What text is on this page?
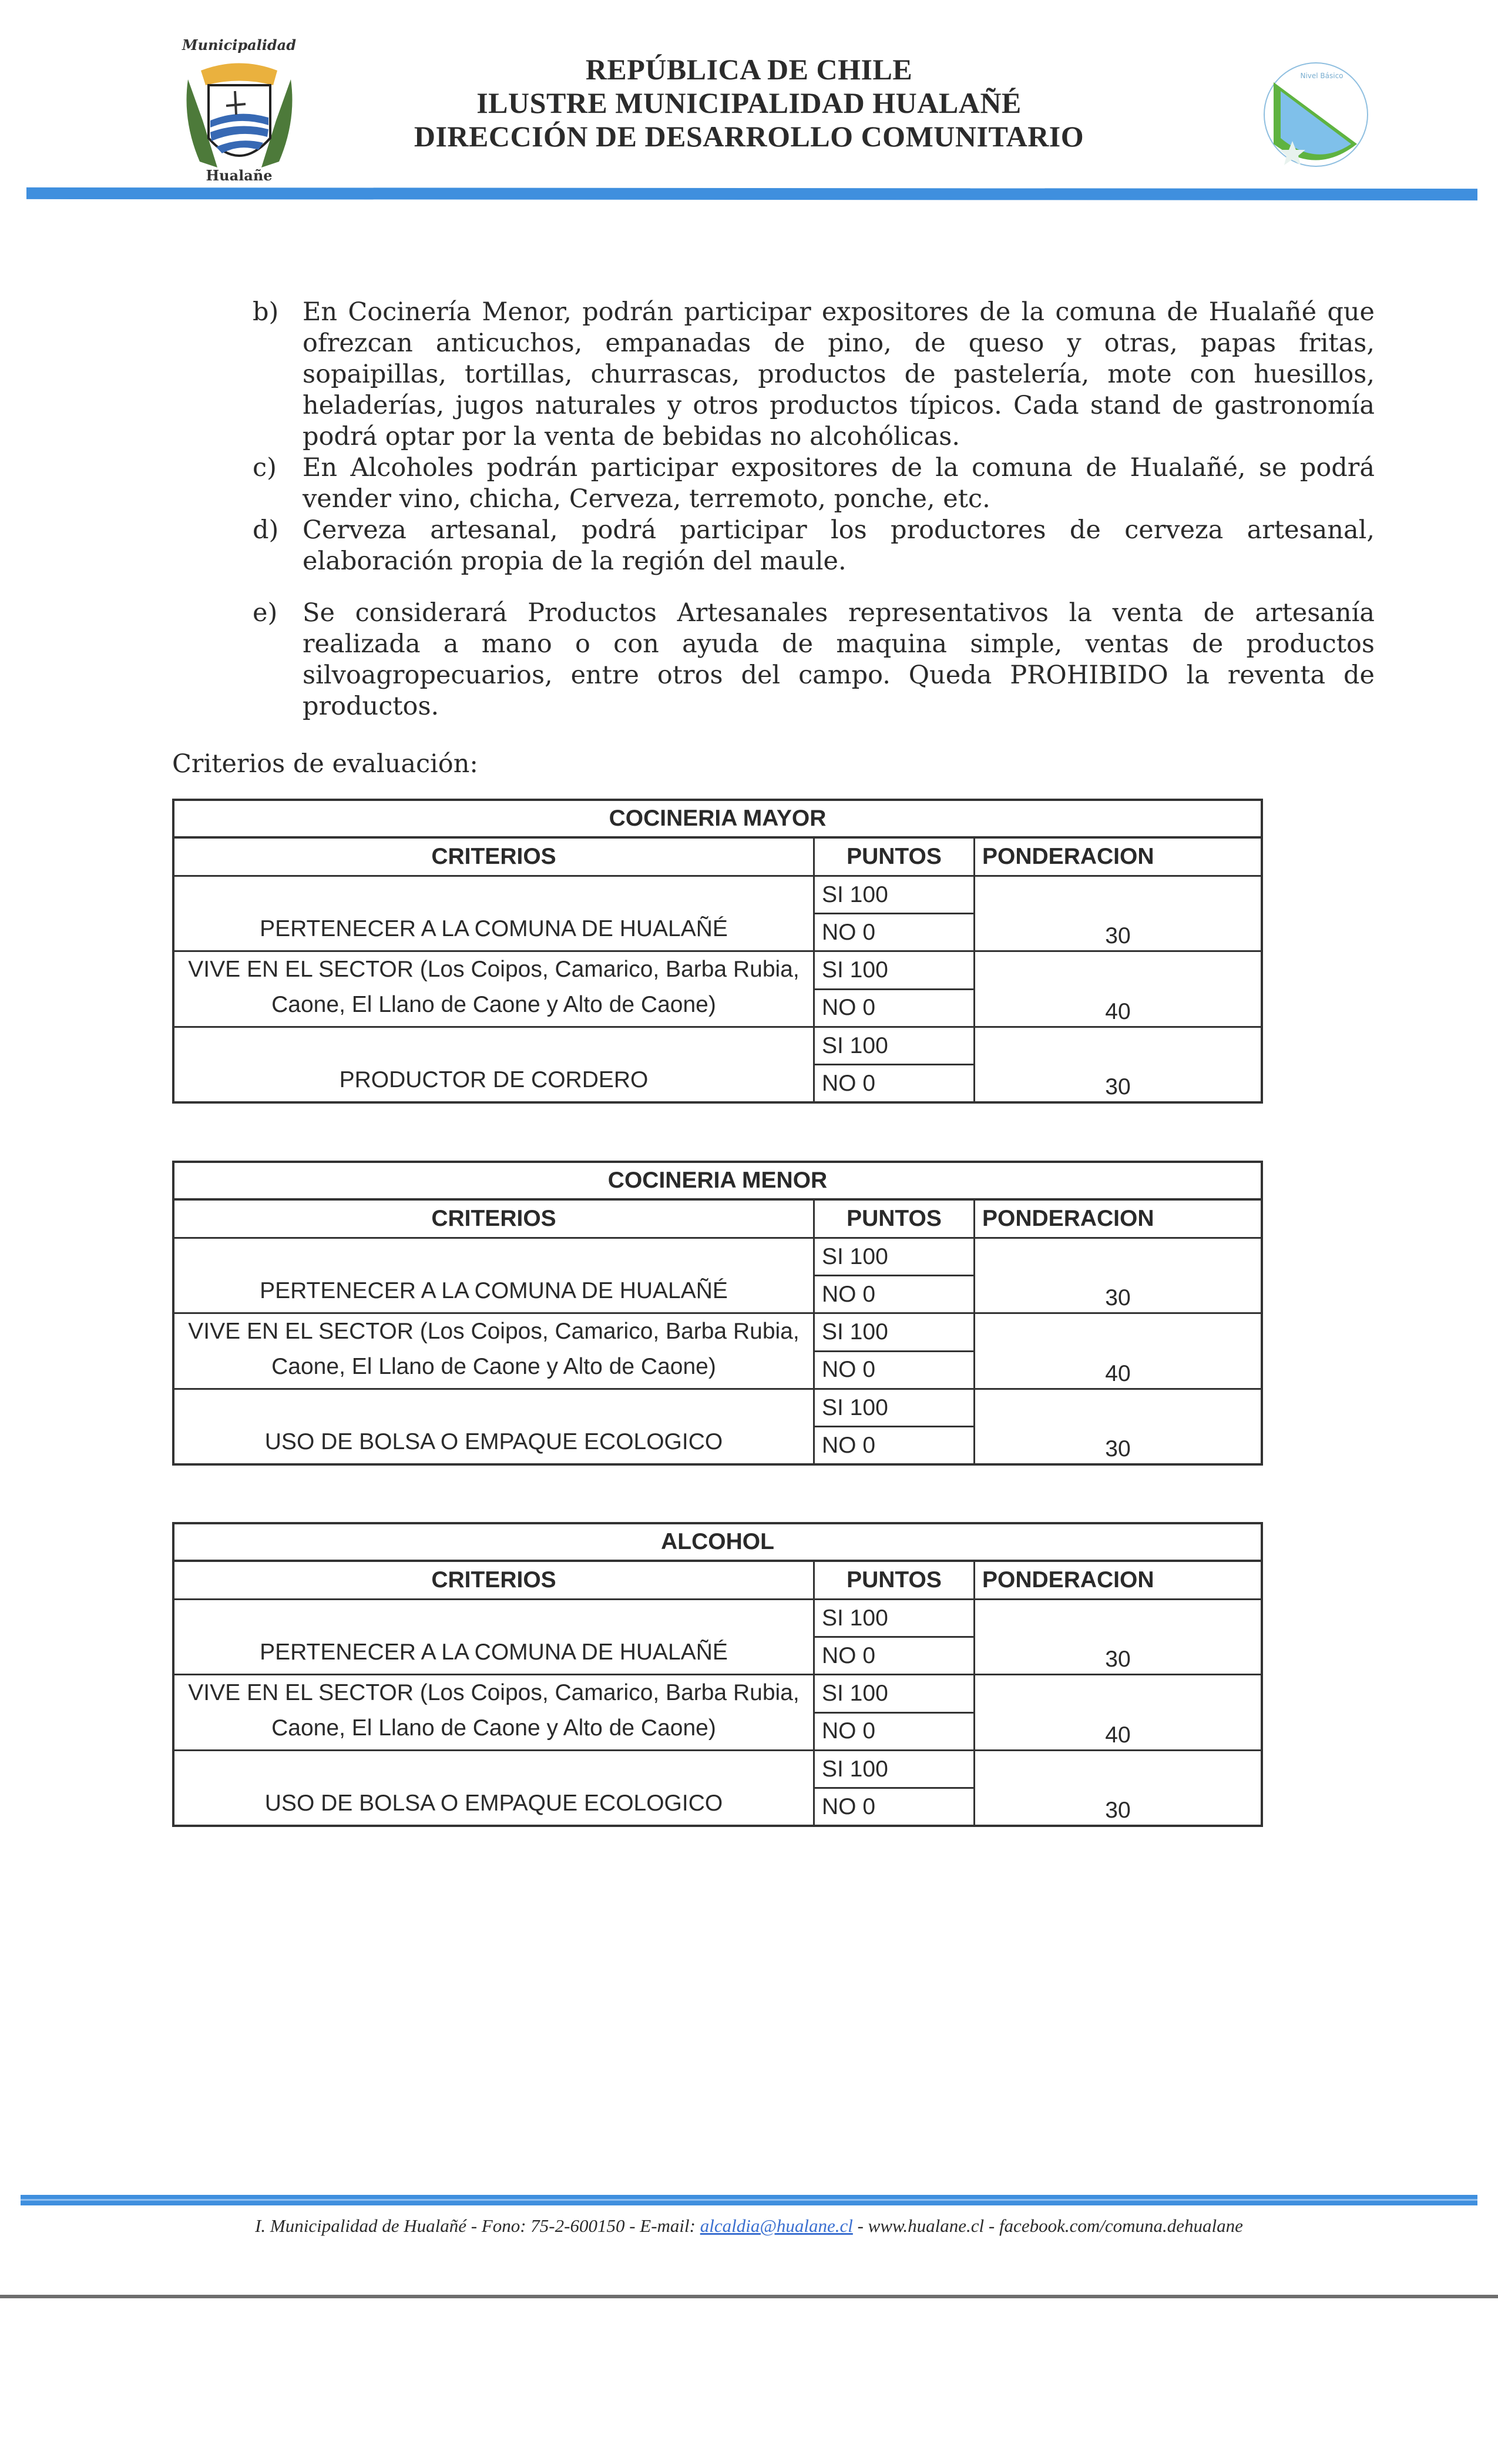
Municipalidad
Hualañe
REPÚBLICA DE CHILE
ILUSTRE MUNICIPALIDAD HUALAÑÉ
DIRECCIÓN DE DESARROLLO COMUNITARIO
Nivel Básico
b) En Cocinería Menor, podrán participar expositores de la comuna de Hualañé que ofrezcan anticuchos, empanadas de pino, de queso y otras, papas fritas, sopaipillas, tortillas, churrascas, productos de pastelería, mote con huesillos, heladerías, jugos naturales y otros productos típicos. Cada stand de gastronomía podrá optar por la venta de bebidas no alcohólicas.
c)	En Alcoholes podrán participar expositores de la comuna de Hualañé, se podrá vender vino, chicha, Cerveza, terremoto, ponche, etc.
d) Cerveza artesanal, podrá participar los productores de cerveza artesanal, elaboración propia de la región del maule.
e) Se considerará Productos Artesanales representativos la venta de artesanía realizada a mano o con ayuda de maquina simple, ventas de productos silvoagropecuarios, entre otros del campo. Queda PROHIBIDO la reventa de productos.
Criterios de evaluación:
COCINERIA MAYOR		
CRITERIOS	PUNTOS	PONDERACION
PERTENECER A LA COMUNA DE HUALAÑÉ	SI 100	30
	NO 0	
VIVE EN EL SECTOR (Los Coipos, Camarico, Barba Rubia, Caone, El Llano de Caone y Alto de Caone)	SI 100	40
	NO 0	
PRODUCTOR DE CORDERO	SI 100	30
	NO 0	
COCINERIA MENOR		
CRITERIOS	PUNTOS	PONDERACION
PERTENECER A LA COMUNA DE HUALAÑÉ	SI 100	30
	NO 0	
VIVE EN EL SECTOR (Los Coipos, Camarico, Barba Rubia, Caone, El Llano de Caone y Alto de Caone)	SI 100	40
	NO 0	
USO DE BOLSA O EMPAQUE ECOLOGICO	SI 100	30
	NO 0	
ALCOHOL		
CRITERIOS	PUNTOS	PONDERACION
PERTENECER A LA COMUNA DE HUALAÑÉ	SI 100	30
	NO 0	
VIVE EN EL SECTOR (Los Coipos, Camarico, Barba Rubia, Caone, El Llano de Caone y Alto de Caone)	SI 100	40
	NO 0	
USO DE BOLSA O EMPAQUE ECOLOGICO	SI 100	30
	NO 0	
I. Municipalidad de Hualañé - Fono: 75-2-600150 - E-mail: alcaldia@hualane.cl - www.hualane.cl - facebook.com/comuna.dehualane
